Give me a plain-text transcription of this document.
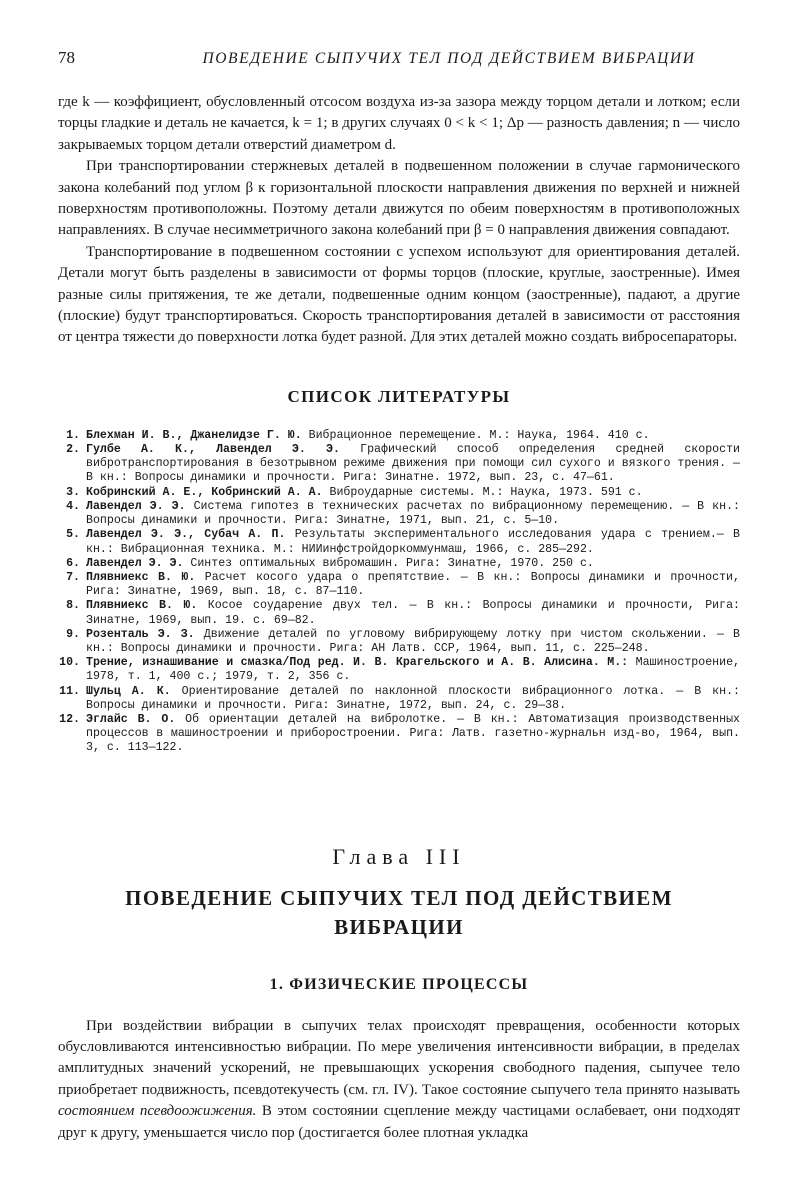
78	ПОВЕДЕНИЕ СЫПУЧИХ ТЕЛ ПОД ДЕЙСТВИЕМ ВИБРАЦИИ

где k — коэффициент, обусловленный отсосом воздуха из-за зазора между торцом детали и лотком; если торцы гладкие и деталь не качается, k = 1; в других случаях 0 < k < 1; Δp — разность давления; n — число закрываемых торцом детали отверстий диаметром d.

При транспортировании стержневых деталей в подвешенном положении в случае гармонического закона колебаний под углом β к горизонтальной плоскости направления движения по верхней и нижней поверхностям противоположны. Поэтому детали движутся по обеим поверхностям в противоположных направлениях. В случае несимметричного закона колебаний при β = 0 направления движения совпадают.

Транспортирование в подвешенном состоянии с успехом используют для ориентирования деталей. Детали могут быть разделены в зависимости от формы торцов (плоские, круглые, заостренные). Имея разные силы притяжения, те же детали, подвешенные одним концом (заостренные), падают, а другие (плоские) будут транспортироваться. Скорость транспортирования деталей в зависимости от расстояния от центра тяжести до поверхности лотка будет разной. Для этих деталей можно создать вибросепараторы.

СПИСОК ЛИТЕРАТУРЫ
1. Блехман И. В., Джанелидзе Г. Ю. Вибрационное перемещение. М.: Наука, 1964. 410 с.
2. Гулбе А. К., Лавендел Э. Э. Графический способ определения средней скорости вибротранспортирования в безотрывном режиме движения при помощи сил сухого и вязкого трения. — В кн.: Вопросы динамики и прочности. Рига: Зинатне. 1972, вып. 23, с. 47—61.
3. Кобринский А. Е., Кобринский А. А. Виброударные системы. М.: Наука, 1973. 591 с.
4. Лавендел Э. Э. Система гипотез в технических расчетах по вибрационному перемещению. — В кн.: Вопросы динамики и прочности. Рига: Зинатне, 1971, вып. 21, с. 5—10.
5. Лавендел Э. Э., Субач А. П. Результаты экспериментального исследования удара с трением.— В кн.: Вибрационная техника. М.: НИИинфстройдоркоммунмаш, 1966, с. 285—292.
6. Лавендел Э. Э. Синтез оптимальных вибромашин. Рига: Зинатне, 1970. 250 с.
7. Плявниекс В. Ю. Расчет косого удара о препятствие. — В кн.: Вопросы динамики и прочности, Рига: Зинатне, 1969, вып. 18, с. 87—110.
8. Плявниекс В. Ю. Косое соударение двух тел. — В кн.: Вопросы динамики и прочности, Рига: Зинатне, 1969, вып. 19. с. 69—82.
9. Розенталь Э. З. Движение деталей по угловому вибрирующему лотку при чистом скольжении. — В кн.: Вопросы динамики и прочности. Рига: АН Латв. ССР, 1964, вып. 11, с. 225—248.
10. Трение, изнашивание и смазка/Под ред. И. В. Крагельского и А. В. Алисина. М.: Машиностроение, 1978, т. 1, 400 с.; 1979, т. 2, 356 с.
11. Шульц А. К. Ориентирование деталей по наклонной плоскости вибрационного лотка. — В кн.: Вопросы динамики и прочности. Рига: Зинатне, 1972, вып. 24, с. 29—38.
12. Эглайс В. О. Об ориентации деталей на вибролотке. — В кн.: Автоматизация производственных процессов в машиностроении и приборостроении. Рига: Латв. газетно-журнальн изд-во, 1964, вып. 3, с. 113—122.
Глава III
ПОВЕДЕНИЕ СЫПУЧИХ ТЕЛ ПОД ДЕЙСТВИЕМ
ВИБРАЦИИ
1. ФИЗИЧЕСКИЕ ПРОЦЕССЫ

При воздействии вибрации в сыпучих телах происходят превращения, особенности которых обусловливаются интенсивностью вибрации. По мере увеличения интенсивности вибрации, в пределах амплитудных значений ускорений, не превышающих ускорения свободного падения, сыпучее тело приобретает подвижность, псевдотекучесть (см. гл. IV). Такое состояние сыпучего тела принято называть состоянием псевдоожижения. В этом состоянии сцепление между частицами ослабевает, они подходят друг к другу, уменьшается число пор (достигается более плотная укладка
